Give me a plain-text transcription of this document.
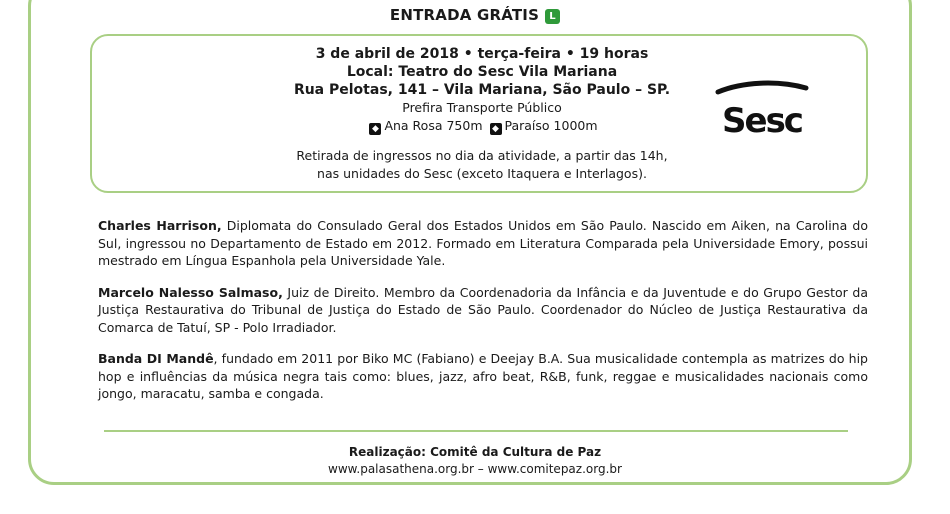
ENTRADA GRÁTIS L
3 de abril de 2018 • terça-feira • 19 horas
Local: Teatro do Sesc Vila Mariana
Rua Pelotas, 141 – Vila Mariana, São Paulo – SP.
Prefira Transporte Público
◆ Ana Rosa 750m ◆ Paraíso 1000m
Retirada de ingressos no dia da atividade, a partir das 14h,
nas unidades do Sesc (exceto Itaquera e Interlagos).
Sesc

Charles Harrison, Diplomata do Consulado Geral dos Estados Unidos em São Paulo. Nascido em Aiken, na Carolina do Sul, ingressou no Departamento de Estado em 2012. Formado em Literatura Comparada pela Universidade Emory, possui mestrado em Língua Espanhola pela Universidade Yale.

Marcelo Nalesso Salmaso, Juiz de Direito. Membro da Coordenadoria da Infância e da Juventude e do Grupo Gestor da Justiça Restaurativa do Tribunal de Justiça do Estado de São Paulo. Coordenador do Núcleo de Justiça Restaurativa da Comarca de Tatuí, SP - Polo Irradiador.

Banda DI Mandê, fundado em 2011 por Biko MC (Fabiano) e Deejay B.A. Sua musicalidade contempla as matrizes do hip hop e influências da música negra tais como: blues, jazz, afro beat, R&B, funk, reggae e musicalidades nacionais como jongo, maracatu, samba e congada.

Realização: Comitê da Cultura de Paz
www.palasathena.org.br – www.comitepaz.org.br
